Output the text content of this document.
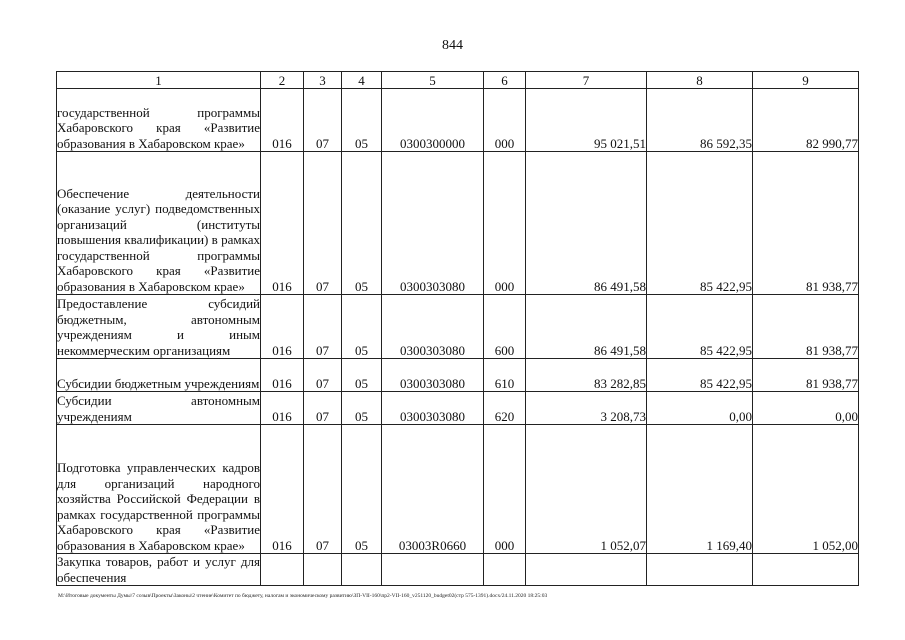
844
1	2	3	4	5	6	7	8	9
государственной программы Хабаровского края «Развитие образования в Хабаровском крае»	016	07	05	0300300000	000	95 021,51	86 592,35	82 990,77
Обеспечение деятельности (оказание услуг) подведомственных организаций (институты повышения квалификации) в рамках государственной программы Хабаровского края «Развитие образования в Хабаровском крае»	016	07	05	0300303080	000	86 491,58	85 422,95	81 938,77
Предоставление субсидий бюджетным, автономным учреждениям и иным некоммерческим организациям	016	07	05	0300303080	600	86 491,58	85 422,95	81 938,77
Субсидии бюджетным учреждениям	016	07	05	0300303080	610	83 282,85	85 422,95	81 938,77
Субсидии автономным учреждениям	016	07	05	0300303080	620	3 208,73	0,00	0,00
Подготовка управленческих кадров для организаций народного хозяйства Российской Федерации в рамках государственной программы Хабаровского края «Развитие образования в Хабаровском крае»	016	07	05	03003R0660	000	1 052,07	1 169,40	1 052,00
Закупка товаров, работ и услуг для обеспечения								
M:\Итоговые документы Думы\7 созыв\Проекты\Законы\2 чтение\Комитет по бюджету, налогам и экономическому развитию\ЗП-VII-160\пр2-VII-160_v251120_budget02(стр 575-1391).docx/24.11.2020 18:25:03
